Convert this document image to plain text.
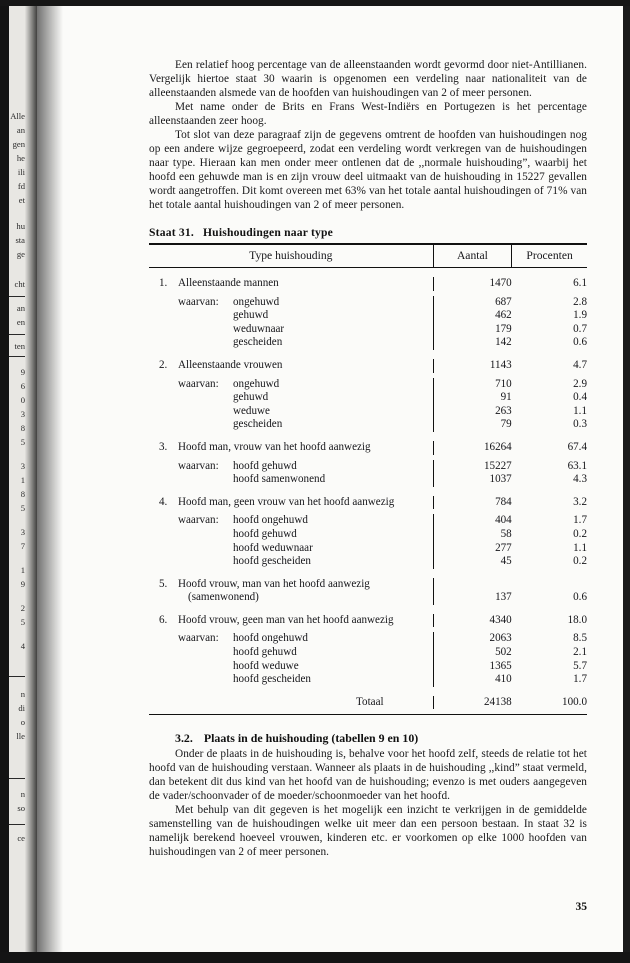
Alle
an
gen
he
ili
fd
et
hu
sta
ge
cht
an
en
ten
9
6
0
3
8
5
3
1
8
5
3
7
1
9
2
5
4
n
di
o
lle
n
so
ce

Een relatief hoog percentage van de alleenstaanden wordt gevormd door niet-Antillianen. Vergelijk hiertoe staat 30 waarin is opgenomen een verdeling naar nationaliteit van de alleenstaanden alsmede van de hoofden van huishoudingen van 2 of meer personen.

Met name onder de Brits en Frans West-Indiërs en Portugezen is het percentage alleenstaanden zeer hoog.

Tot slot van deze paragraaf zijn de gegevens omtrent de hoofden van huishoudingen nog op een andere wijze gegroepeerd, zodat een verdeling wordt verkregen van de huishoudingen naar type. Hieraan kan men onder meer ontlenen dat de ,,normale huishouding”, waarbij het hoofd een gehuwde man is en zijn vrouw deel uitmaakt van de huishouding in 15227 gevallen wordt aangetroffen. Dit komt overeen met 63% van het totale aantal huishoudingen of 71% van het totale aantal huishoudingen van 2 of meer personen.

Staat 31. Huishoudingen naar type

Type huishouding	Aantal	Procenten

1. Alleenstaande mannen	1470	6.1

waarvan: ongehuwd	687	2.8
gehuwd	462	1.9
weduwnaar	179	0.7
gescheiden	142	0.6

2. Alleenstaande vrouwen	1143	4.7

waarvan: ongehuwd	710	2.9
gehuwd	91	0.4
weduwe	263	1.1
gescheiden	79	0.3

3. Hoofd man, vrouw van het hoofd aanwezig	16264	67.4

waarvan: hoofd gehuwd	15227	63.1
hoofd samenwonend	1037	4.3

4. Hoofd man, geen vrouw van het hoofd aanwezig	784	3.2

waarvan: hoofd ongehuwd	404	1.7
hoofd gehuwd	58	0.2
hoofd weduwnaar	277	1.1
hoofd gescheiden	45	0.2

5. Hoofd vrouw, man van het hoofd aanwezig		
(samenwonend)	137	0.6

6. Hoofd vrouw, geen man van het hoofd aanwezig	4340	18.0

waarvan: hoofd ongehuwd	2063	8.5
hoofd gehuwd	502	2.1
hoofd weduwe	1365	5.7
hoofd gescheiden	410	1.7

Totaal	24138	100.0

3.2. Plaats in de huishouding (tabellen 9 en 10)

Onder de plaats in de huishouding is, behalve voor het hoofd zelf, steeds de relatie tot het hoofd van de huishouding verstaan. Wanneer als plaats in de huishouding ,,kind” staat vermeld, dan betekent dit dus kind van het hoofd van de huishouding; evenzo is met ouders aangegeven de vader/schoonvader of de moeder/schoonmoeder van het hoofd.

Met behulp van dit gegeven is het mogelijk een inzicht te verkrijgen in de gemiddelde samenstelling van de huishoudingen welke uit meer dan een persoon bestaan. In staat 32 is namelijk berekend hoeveel vrouwen, kinderen etc. er voorkomen op elke 1000 hoofden van huishoudingen van 2 of meer personen.

35
